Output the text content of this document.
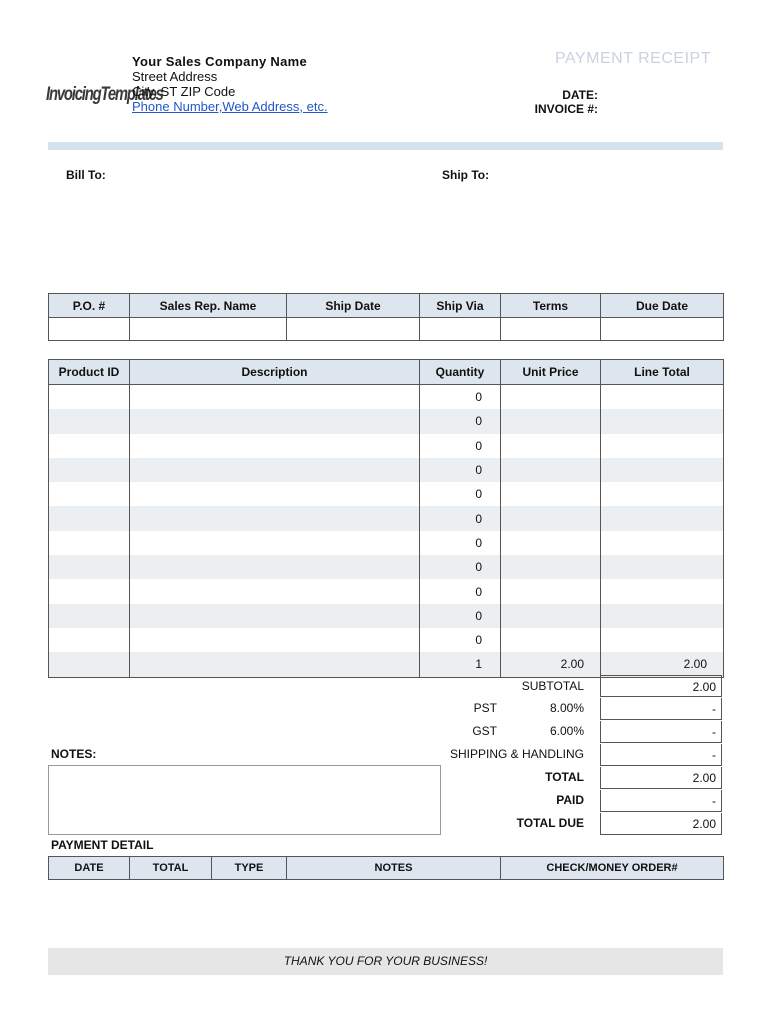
InvoicingTemplates
Your Sales Company Name
Street Address
City, ST ZIP Code
Phone Number,Web Address, etc.
PAYMENT RECEIPT
DATE:
INVOICE #:
Bill To:	Ship To:
P.O. #	Sales Rep. Name	Ship Date	Ship Via	Terms	Due Date

Product ID	Description	Quantity	Unit Price	Line Total
		0		
		0		
		0		
		0		
		0		
		0		
		0		
		0		
		0		
		0		
		0		
		1	2.00	2.00
SUBTOTAL	2.00
PST	8.00%	-
GST	6.00%	-
SHIPPING & HANDLING	-
TOTAL	2.00
PAID	-
TOTAL DUE	2.00
NOTES:
PAYMENT DETAIL
DATE	TOTAL	TYPE	NOTES	CHECK/MONEY ORDER#
THANK YOU FOR YOUR BUSINESS!
